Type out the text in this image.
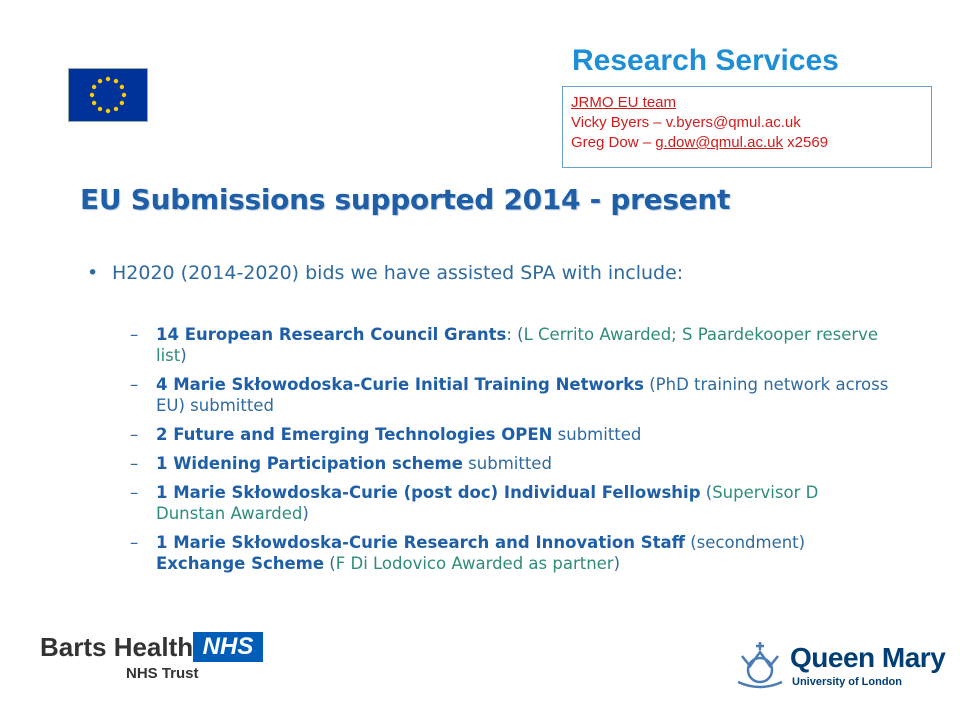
Research Services
JRMO EU team
Vicky Byers – v.byers@qmul.ac.uk
Greg Dow – g.dow@qmul.ac.uk x2569
EU Submissions supported 2014 - present
• H2020 (2014-2020) bids we have assisted SPA with include:
– 14 European Research Council Grants: (L Cerrito Awarded; S Paardekooper reserve list)
– 4 Marie Skłowodoska-Curie Initial Training Networks (PhD training network across EU) submitted
– 2 Future and Emerging Technologies OPEN submitted
– 1 Widening Participation scheme submitted
– 1 Marie Skłowdoska-Curie (post doc) Individual Fellowship (Supervisor D Dunstan Awarded)
– 1 Marie Skłowdoska-Curie Research and Innovation Staff (secondment) Exchange Scheme (F Di Lodovico Awarded as partner)
Barts Health NHS
NHS Trust
Queen Mary
University of London
